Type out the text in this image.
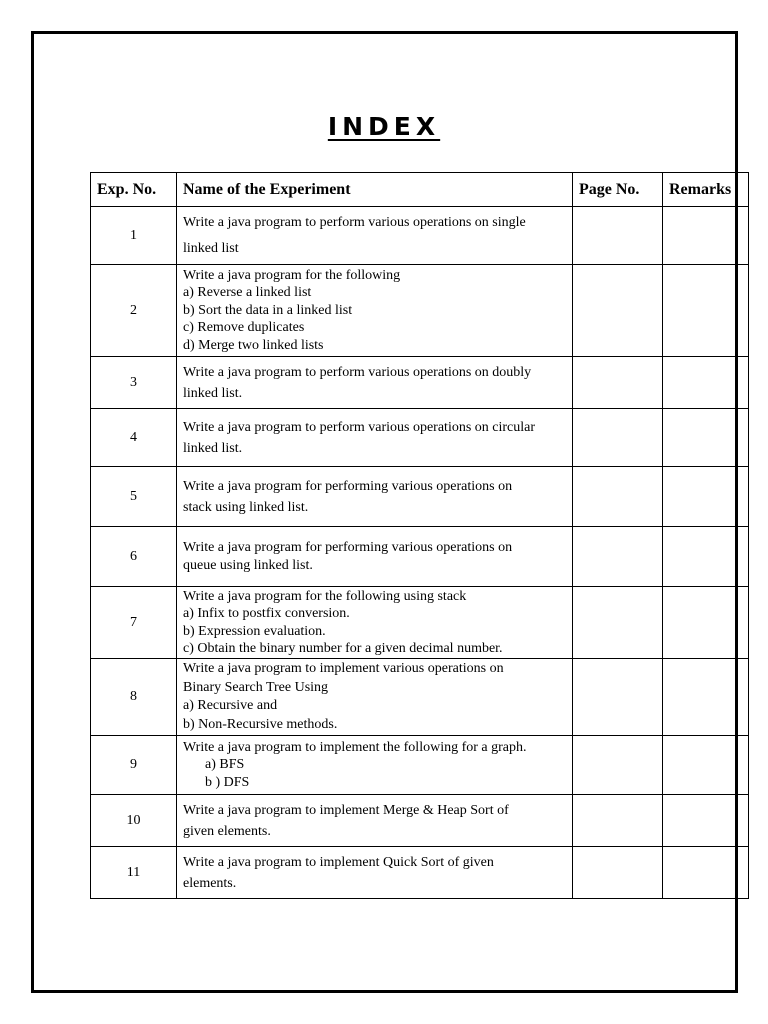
INDEX
Exp. No.	Name of the Experiment	Page No.	Remarks
1	Write a java program to perform various operations on single
linked list		

2	Write a java program for the following
a) Reverse a linked list
b) Sort the data in a linked list
c) Remove duplicates
d) Merge two linked lists		

3	Write a java program to perform various operations on doubly
linked list.		

4	Write a java program to perform various operations on circular
linked list.		

5	Write a java program for performing various operations on
stack using linked list.		

6	Write a java program for performing various operations on
queue using linked list.		

7	Write a java program for the following using stack
a) Infix to postfix conversion.
b) Expression evaluation.
c) Obtain the binary number for a given decimal number.		

8	Write a java program to implement various operations on
Binary Search Tree Using
a) Recursive and
b) Non-Recursive methods.		

9	Write a java program to implement the following for a graph.
a) BFS
b ) DFS		

10	Write a java program to implement Merge & Heap Sort of
given elements.		

11	Write a java program to implement Quick Sort of given
elements.		
